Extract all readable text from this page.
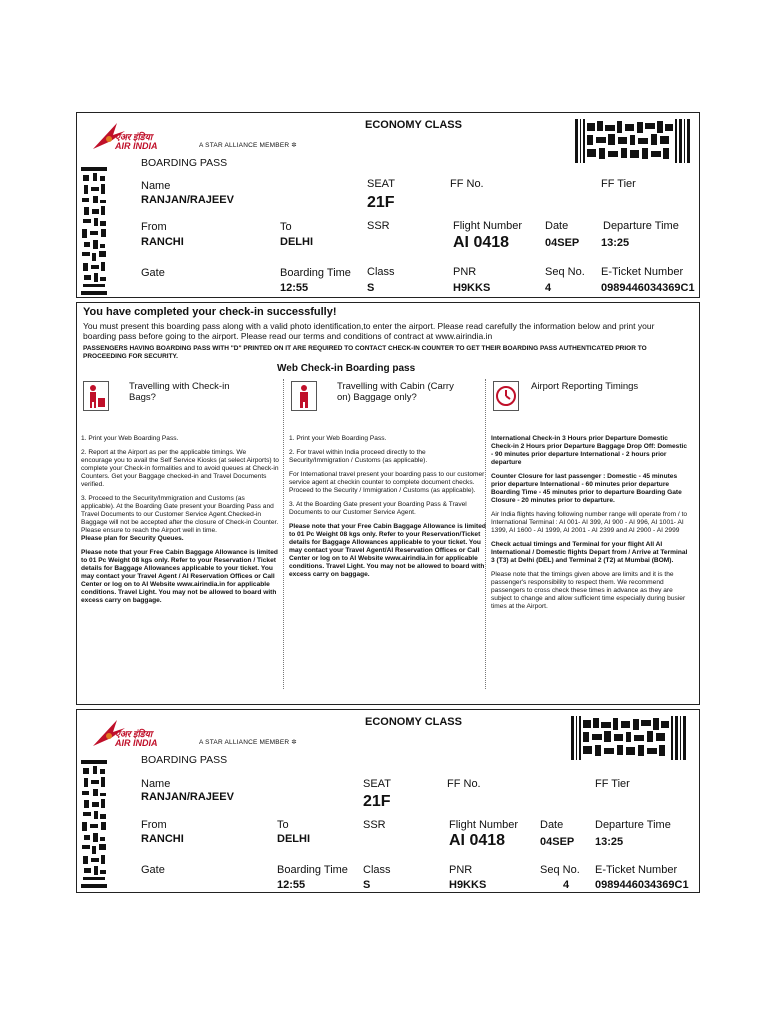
एअर इंडिया
AIR INDIA	A STAR ALLIANCE MEMBER ✲
ECONOMY CLASS
BOARDING PASS
Name
RANJAN/RAJEEV
SEAT
21F
FF No.	FF Tier
From
RANCHI
To
DELHI
SSR	Flight Number
AI 0418
Date
04SEP
Departure Time
13:25
Gate	Boarding Time
12:55
Class
S
PNR
H9KKS
Seq No.
4
E-Ticket Number
0989446034369C1
You have completed your check-in successfully!
You must present this boarding pass along with a valid photo identification,to enter the airport. Please read carefully the information below and print your boarding pass before going to the airport. Please read our terms and conditions of contract at www.airindia.in
PASSENGERS HAVING BOARDING PASS WITH "D" PRINTED ON IT ARE REQUIRED TO CONTACT CHECK-IN COUNTER TO GET THEIR BOARDING PASS AUTHENTICATED PRIOR TO PROCEEDING FOR SECURITY.
Web Check-in Boarding pass
Travelling with Check-in Bags?

1. Print your Web Boarding Pass.

2. Report at the Airport as per the applicable timings. We encourage you to avail the Self Service Kiosks (at select Airports) to complete your Check-in formalities and to avoid queues at Check-in Counters. Get your Baggage checked-in and Travel Documents verified.

3. Proceed to the Security/Immigration and Customs (as applicable). At the Boarding Gate present your Boarding Pass and Travel Documents to our Customer Service Agent.Checked-in Baggage will not be accepted after the closure of Check-in Counter. Please ensure to reach the Airport well in time.

Please plan for Security Queues.

Please note that your Free Cabin Baggage Allowance is limited to 01 Pc Weight 08 kgs only. Refer to your Reservation / Ticket details for Baggage Allowances applicable to your ticket. You may contact your Travel Agent / AI Reservation Offices or Call Center or log on to AI Website www.airindia.in for applicable conditions. Travel Light. You may not be allowed to board with excess carry on baggage.

Travelling with Cabin (Carry on) Baggage only?

1. Print your Web Boarding Pass.

2. For travel within India proceed directly to the Security/Immigration / Customs (as applicable).

For International travel present your boarding pass to our customer service agent at checkin counter to complete document checks. Proceed to the Security / Immigration / Customs (as applicable).

3. At the Boarding Gate present your Boarding Pass & Travel Documents to our Customer Service Agent.

Please note that your Free Cabin Baggage Allowance is limited to 01 Pc Weight 08 kgs only. Refer to your Reservation/Ticket details for Baggage Allowances applicable to your ticket. You may contact your Travel Agent/AI Reservation Offices or Call Center or log on to AI Website www.airindia.in for applicable conditions. Travel Light. You may not be allowed to board with excess carry on baggage.

Airport Reporting Timings

International Check-in 3 Hours prior Departure Domestic Check-in 2 Hours prior Departure Baggage Drop Off: Domestic - 90 minutes prior departure International - 2 hours prior departure

Counter Closure for last passenger : Domestic - 45 minutes prior departure International - 60 minutes prior departure Boarding Time - 45 minutes prior to departure Boarding Gate Closure - 20 minutes prior to departure.

Air India flights having following number range will operate from / to International Terminal : AI 001- AI 399, AI 900 - AI 996, AI 1001- AI 1399, AI 1600 - AI 1999, AI 2001 - AI 2399 and AI 2900 - AI 2999

Check actual timings and Terminal for your flight All AI International / Domestic flights Depart from / Arrive at Terminal 3 (T3) at Delhi (DEL) and Terminal 2 (T2) at Mumbai (BOM).

Please note that the timings given above are limits and it is the passenger's responsibility to respect them. We recommend passengers to cross check these times in advance as they are subject to change and allow sufficient time especially during busier times at the Airport.

एअर इंडिया
AIR INDIA	A STAR ALLIANCE MEMBER ✲
ECONOMY CLASS
BOARDING PASS
Name
RANJAN/RAJEEV
SEAT
21F
FF No.	FF Tier
From
RANCHI
To
DELHI
SSR	Flight Number
AI 0418
Date
04SEP
Departure Time
13:25
Gate	Boarding Time
12:55
Class
S
PNR
H9KKS
Seq No.
4
E-Ticket Number
0989446034369C1
